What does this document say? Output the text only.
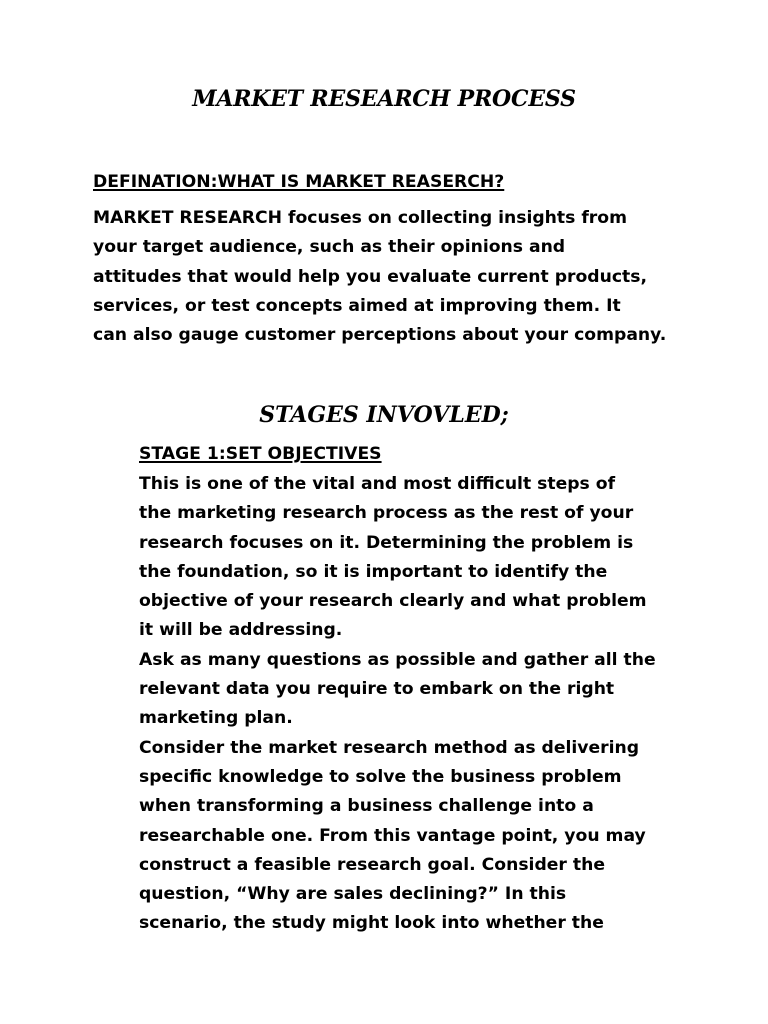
MARKET RESEARCH PROCESS

DEFINATION:WHAT IS MARKET REASERCH?

MARKET RESEARCH focuses on collecting insights from
your target audience, such as their opinions and
attitudes that would help you evaluate current products,
services, or test concepts aimed at improving them. It
can also gauge customer perceptions about your company.
STAGES INVOVLED;

STAGE 1:SET OBJECTIVES

This is one of the vital and most difficult steps of
the marketing research process as the rest of your
research focuses on it. Determining the problem is
the foundation, so it is important to identify the
objective of your research clearly and what problem
it will be addressing.
Ask as many questions as possible and gather all the
relevant data you require to embark on the right
marketing plan.
Consider the market research method as delivering
specific knowledge to solve the business problem
when transforming a business challenge into a
researchable one. From this vantage point, you may
construct a feasible research goal. Consider the
question, “Why are sales declining?” In this
scenario, the study might look into whether the
